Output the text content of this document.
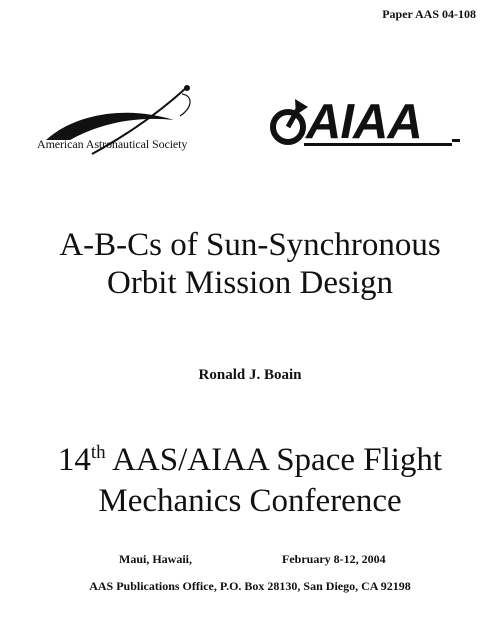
Paper AAS 04-108
American Astronautical Society AIAA
A-B-Cs of Sun-Synchronous
Orbit Mission Design
Ronald J. Boain
14th AAS/AIAA Space Flight
Mechanics Conference
Maui, Hawaii,	February 8-12, 2004
AAS Publications Office, P.O. Box 28130, San Diego, CA 92198
